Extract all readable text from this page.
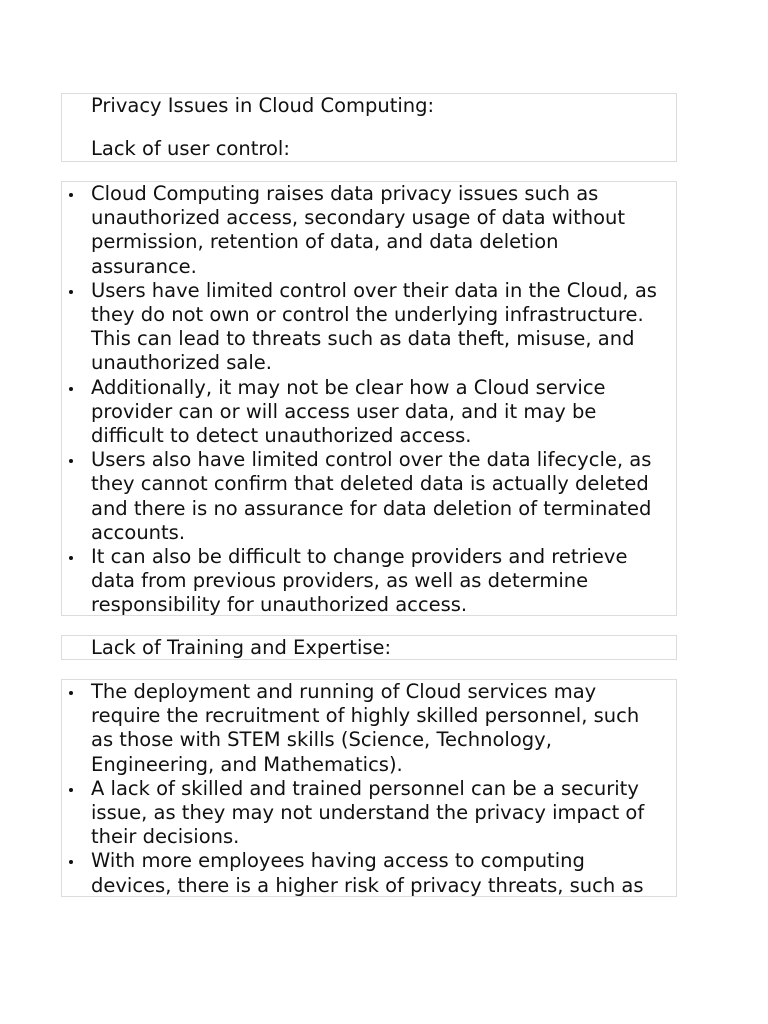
Privacy Issues in Cloud Computing:
Lack of user control:
Cloud Computing raises data privacy issues such as
unauthorized access, secondary usage of data without
permission, retention of data, and data deletion
assurance.
Users have limited control over their data in the Cloud, as
they do not own or control the underlying infrastructure.
This can lead to threats such as data theft, misuse, and
unauthorized sale.
Additionally, it may not be clear how a Cloud service
provider can or will access user data, and it may be
difficult to detect unauthorized access.
Users also have limited control over the data lifecycle, as
they cannot confirm that deleted data is actually deleted
and there is no assurance for data deletion of terminated
accounts.
It can also be difficult to change providers and retrieve
data from previous providers, as well as determine
responsibility for unauthorized access.
Lack of Training and Expertise:
The deployment and running of Cloud services may
require the recruitment of highly skilled personnel, such
as those with STEM skills (Science, Technology,
Engineering, and Mathematics).
A lack of skilled and trained personnel can be a security
issue, as they may not understand the privacy impact of
their decisions.
With more employees having access to computing
devices, there is a higher risk of privacy threats, such as
